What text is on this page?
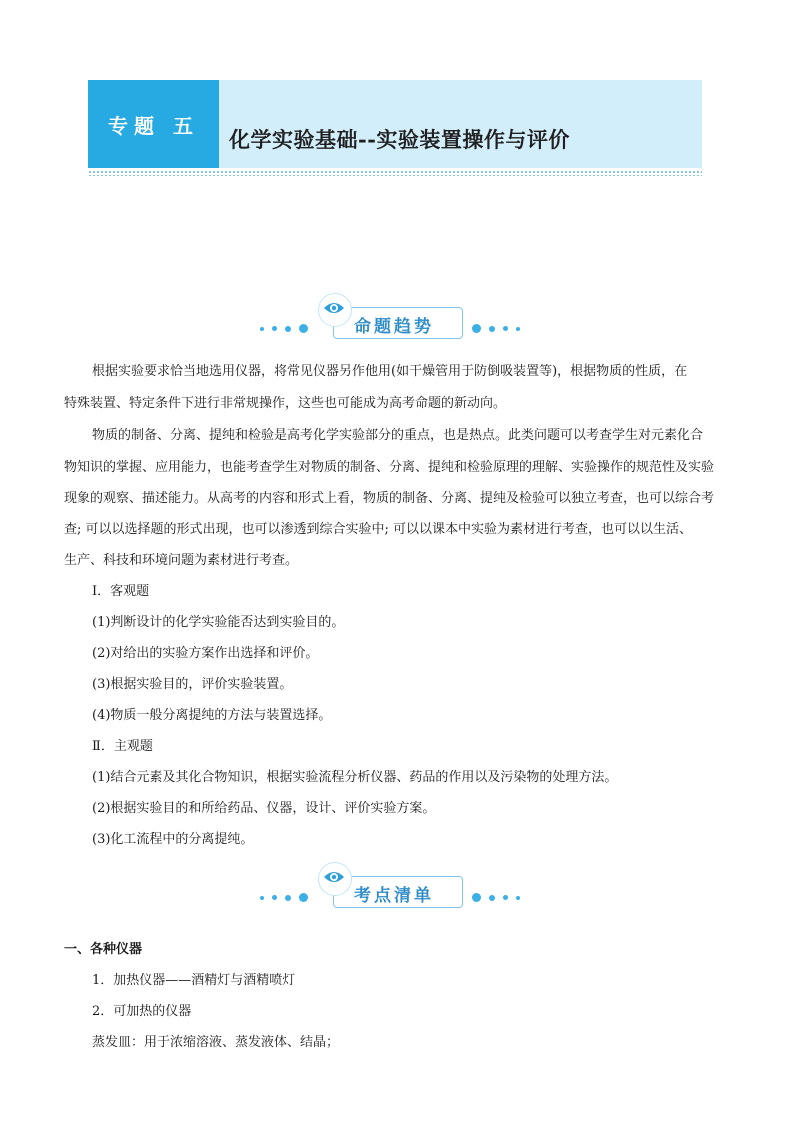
专题 五
化学实验基础--实验装置操作与评价
命题趋势
根据实验要求恰当地选用仪器，将常见仪器另作他用(如干燥管用于防倒吸装置等)，根据物质的性质，在
特殊装置、特定条件下进行非常规操作，这些也可能成为高考命题的新动向。
物质的制备、分离、提纯和检验是高考化学实验部分的重点，也是热点。此类问题可以考查学生对元素化合
物知识的掌握、应用能力，也能考查学生对物质的制备、分离、提纯和检验原理的理解、实验操作的规范性及实验
现象的观察、描述能力。从高考的内容和形式上看，物质的制备、分离、提纯及检验可以独立考查，也可以综合考
查; 可以以选择题的形式出现，也可以渗透到综合实验中; 可以以课本中实验为素材进行考查，也可以以生活、
生产、科技和环境问题为素材进行考查。
Ⅰ．客观题
(1)判断设计的化学实验能否达到实验目的。
(2)对给出的实验方案作出选择和评价。
(3)根据实验目的，评价实验装置。
(4)物质一般分离提纯的方法与装置选择。
Ⅱ．主观题
(1)结合元素及其化合物知识，根据实验流程分析仪器、药品的作用以及污染物的处理方法。
(2)根据实验目的和所给药品、仪器，设计、评价实验方案。
(3)化工流程中的分离提纯。
考点清单
一、各种仪器
1．加热仪器——酒精灯与酒精喷灯
2．可加热的仪器
蒸发皿：用于浓缩溶液、蒸发液体、结晶；
